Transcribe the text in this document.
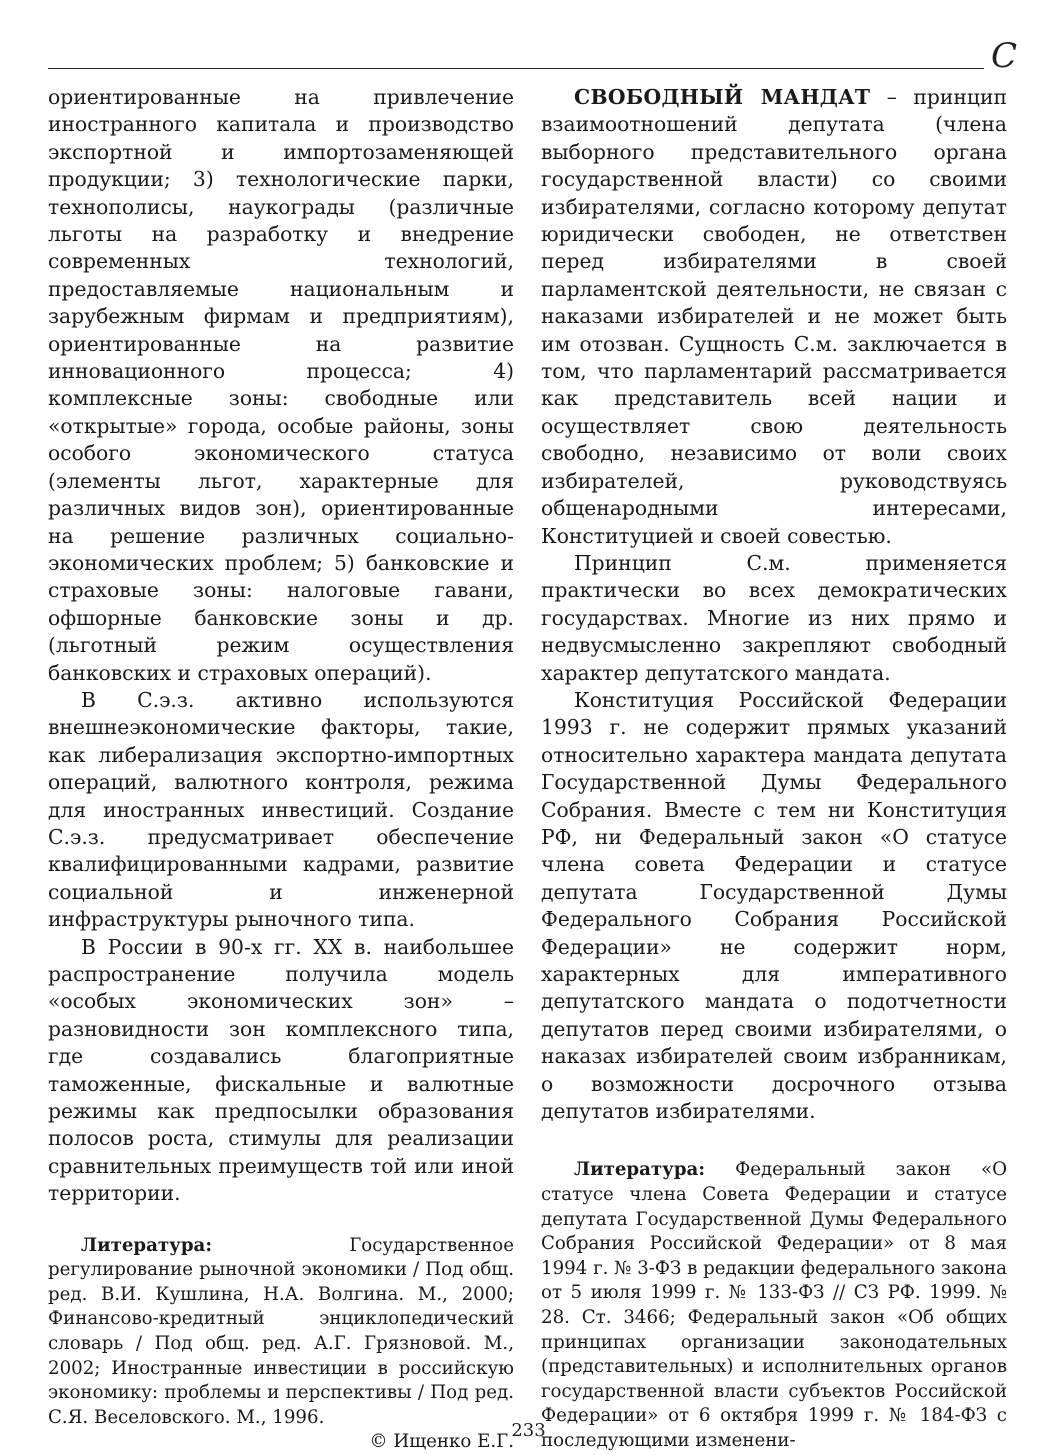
С

ориентированные на привлечение иностранного капитала и производство экспортной и импортозаменяющей продукции; 3) технологические парки, технополисы, наукограды (различные льготы на разработку и внедрение современных технологий, предоставляемые национальным и зарубежным фирмам и предприятиям), ориентированные на развитие инновационного процесса; 4) комплексные зоны: свободные или «открытые» города, особые районы, зоны особого экономического статуса (элементы льгот, характерные для различных видов зон), ориентированные на решение различных социально-экономических проблем; 5) банковские и страховые зоны: налоговые гавани, офшорные банковские зоны и др. (льготный режим осуществления банковских и страховых операций).

В С.э.з. активно используются внешнеэкономические факторы, такие, как либерализация экспортно-импортных операций, валютного контроля, режима для иностранных инвестиций. Создание С.э.з. предусматривает обеспечение квалифицированными кадрами, развитие социальной и инженерной инфраструктуры рыночного типа.

В России в 90-х гг. XX в. наибольшее распространение получила модель «особых экономических зон» – разновидности зон комплексного типа, где создавались благоприятные таможенные, фискальные и валютные режимы как предпосылки образования полосов роста, стимулы для реализации сравнительных преимуществ той или иной территории.

Литература:	Государственное регулирование рыночной экономики / Под общ. ред. В.И. Кушлина, Н.А. Волгина. М., 2000; Финансово-кредитный энциклопедический словарь / Под общ. ред. А.Г. Грязновой. М., 2002; Иностранные инвестиции в российскую экономику: проблемы и перспективы / Под ред. С.Я. Веселовского. М., 1996.

© Ищенко Е.Г.

СВОБОДНЫЙ МАНДАТ – принцип взаимоотношений депутата (члена выборного представительного органа государственной власти) со своими избирателями, согласно которому депутат юридически свободен, не ответствен перед избирателями в своей парламентской деятельности, не связан с наказами избирателей и не может быть им отозван. Сущность С.м. заключается в том, что парламентарий рассматривается как представитель всей нации и осуществляет свою деятельность свободно, независимо от воли своих избирателей, руководствуясь общенародными интересами, Конституцией и своей совестью.

Принцип С.м. применяется практически во всех демократических государствах. Многие из них прямо и недвусмысленно закрепляют свободный характер депутатского мандата.

Конституция Российской Федерации 1993 г. не содержит прямых указаний относительно характера мандата депутата Государственной Думы Федерального Собрания. Вместе с тем ни Конституция РФ, ни Федеральный закон «О статусе члена совета Федерации и статусе депутата Государственной Думы Федерального Собрания Российской Федерации» не содержит норм, характерных для императивного депутатского мандата о подотчетности депутатов перед своими избирателями, о наказах избирателей своим избранникам, о возможности досрочного отзыва депутатов избирателями.

Литература: Федеральный закон «О статусе члена Совета Федерации и статусе депутата Государственной Думы Федерального Собрания Российской Федерации» от 8 мая 1994 г. № 3-ФЗ в редакции федерального закона от 5 июля 1999 г. № 133-ФЗ // СЗ РФ. 1999. № 28. Ст. 3466; Федеральный закон «Об общих принципах организации законодательных (представительных) и исполнительных органов государственной власти субъектов Российской Федерации» от 6 октября 1999 г. № 184-ФЗ с последующими изменени-

233
